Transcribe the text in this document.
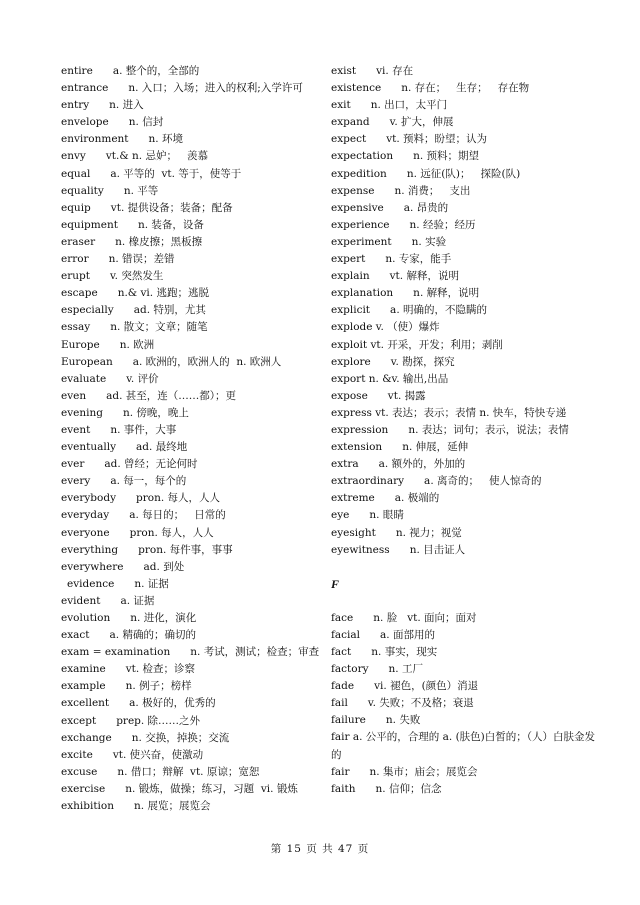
entire      a. 整个的，全部的
entrance      n. 入口；入场；进入的权利;入学许可
entry      n. 进入
envelope      n. 信封
environment      n. 环境
envy      vt.& n. 忌妒；   羡慕
equal      a. 平等的  vt. 等于，使等于
equality      n. 平等
equip      vt. 提供设备；装备；配备
equipment      n. 装备，设备
eraser      n. 橡皮擦；黑板擦
error      n. 错误；差错
erupt      v. 突然发生
escape      n.& vi. 逃跑；逃脱
especially      ad. 特别，尤其
essay      n. 散文；文章；随笔
Europe      n. 欧洲
European      a. 欧洲的，欧洲人的  n. 欧洲人
evaluate      v. 评价
even      ad. 甚至，连（……都）；更
evening      n. 傍晚，晚上
event      n. 事件，大事
eventually      ad. 最终地
ever      ad. 曾经；无论何时
every      a. 每一，每个的
everybody      pron. 每人，人人
everyday      a. 每日的；   日常的
everyone      pron. 每人，人人
everything      pron. 每件事，事事
everywhere      ad. 到处
evidence      n. 证据
evident      a. 证据
evolution      n. 进化，演化
exact      a. 精确的；确切的
exam = examination      n. 考试，测试；检查；审查
examine      vt. 检查；诊察
example      n. 例子；榜样
excellent      a. 极好的，优秀的
except      prep. 除……之外
exchange      n. 交换，掉换；交流
excite      vt. 使兴奋，使激动
excuse      n. 借口；辩解  vt. 原谅；宽恕
exercise      n. 锻炼，做操；练习，习题  vi. 锻炼
exhibition      n. 展览；展览会
exist      vi. 存在
existence      n. 存在；   生存；   存在物
exit      n. 出口，太平门
expand      v. 扩大，伸展
expect      vt. 预料；盼望；认为
expectation      n. 预料；期望
expedition      n. 远征(队)；   探险(队)
expense      n. 消费；   支出
expensive      a. 昂贵的
experience      n. 经验；经历
experiment      n. 实验
expert      n. 专家，能手
explain      vt. 解释，说明
explanation      n. 解释，说明
explicit      a. 明确的，不隐瞒的
explode v. （使）爆炸
exploit vt. 开采，开发；利用；剥削
explore      v. 勘探，探究
export n. &v. 输出,出品
expose      vt. 揭露
express vt. 表达；表示；表情 n. 快车，特快专递
expression      n. 表达；词句；表示，说法；表情
extension      n. 伸展，延伸
extra      a. 额外的，外加的
extraordinary      a. 离奇的；   使人惊奇的
extreme      a. 极端的
eye      n. 眼睛
eyesight      n. 视力；视觉
eyewitness      n. 目击证人
F
face      n. 脸   vt. 面向；面对
facial      a. 面部用的
fact      n. 事实，现实
factory      n. 工厂
fade      vi. 褪色，(颜色）消退
fail      v. 失败；不及格；衰退
failure      n. 失败
fair a. 公平的，合理的 a. (肤色)白皙的；（人）白肤金发的
fair      n. 集市；庙会；展览会
faith      n. 信仰；信念
第 15 页 共 47 页
